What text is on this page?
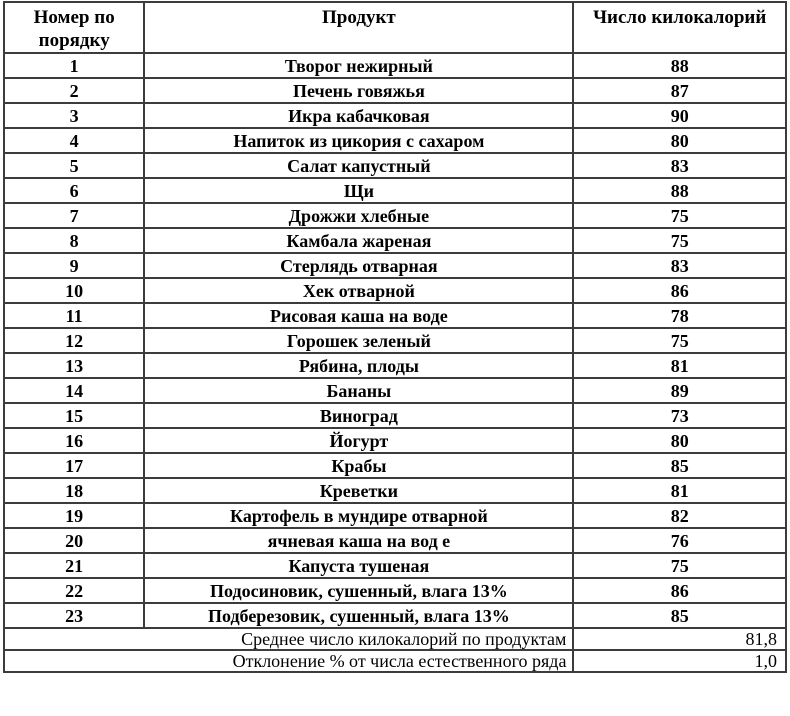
Номер по порядку	Продукт	Число килокалорий
1	Творог нежирный	88
2	Печень говяжья	87
3	Икра кабачковая	90
4	Напиток из цикория с сахаром	80
5	Салат капустный	83
6	Щи	88
7	Дрожжи хлебные	75
8	Камбала жареная	75
9	Стерлядь отварная	83
10	Хек отварной	86
11	Рисовая каша на воде	78
12	Горошек зеленый	75
13	Рябина, плоды	81
14	Бананы	89
15	Виноград	73
16	Йогурт	80
17	Крабы	85
18	Креветки	81
19	Картофель в мундире отварной	82
20	ячневая каша на вод е	76
21	Капуста тушеная	75
22	Подосиновик, сушенный, влага 13%	86
23	Подберезовик, сушенный, влага 13%	85
Среднее число килокалорий по продуктам		81,8
Отклонение % от числа естественного ряда		1,0
